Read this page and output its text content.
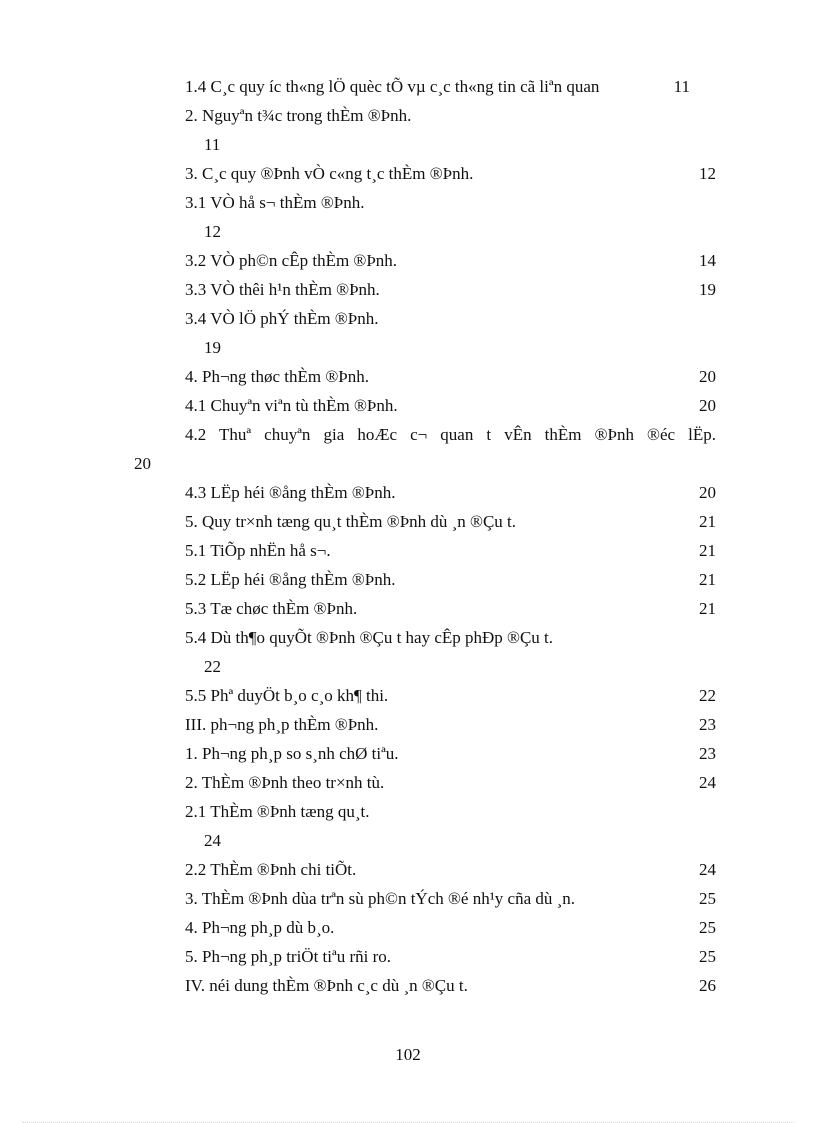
1.4 C¸c quy íc th«ng lÖ quèc tÕ vµ c¸c th«ng tin cã liªn quan	11
2. Nguyªn t¾c trong thÈm ®Þnh.
11
3. C¸c quy ®Þnh vÒ c«ng t¸c thÈm ®Þnh.	12
3.1 VÒ hå s¬ thÈm ®Þnh.
12
3.2 VÒ ph©n cÊp thÈm ®Þnh.	14
3.3 VÒ thêi h¹n thÈm ®Þnh.	19
3.4 VÒ lÖ phÝ thÈm ®Þnh.
19
4. Ph¬ng thøc thÈm ®Þnh.	20
4.1 Chuyªn viªn tù thÈm ®Þnh.	20
4.2 Thuª chuyªn gia hoÆc c¬ quan t vÊn thÈm ®Þnh ®éc lËp.
20
4.3 LËp héi ®ång thÈm ®Þnh.	20
5. Quy tr×nh tæng qu¸t thÈm ®Þnh dù ¸n ®Çu t.	21
5.1 TiÕp nhËn hå s¬.	21
5.2 LËp héi ®ång thÈm ®Þnh.	21
5.3 Tæ chøc thÈm ®Þnh.	21
5.4 Dù th¶o quyÕt ®Þnh ®Çu t hay cÊp phÐp ®Çu t.
22
5.5 Phª duyÖt b¸o c¸o kh¶ thi.	22
III. ph¬ng ph¸p thÈm ®Þnh.	23
1. Ph¬ng ph¸p so s¸nh chØ tiªu.	23
2. ThÈm ®Þnh theo tr×nh tù.	24
2.1 ThÈm ®Þnh tæng qu¸t.
24
2.2 ThÈm ®Þnh chi tiÕt.	24
3. ThÈm ®Þnh dùa trªn sù ph©n tÝch ®é nh¹y cña dù ¸n.	25
4. Ph¬ng ph¸p dù b¸o.	25
5. Ph¬ng ph¸p triÖt tiªu rñi ro.	25
IV. néi dung thÈm ®Þnh c¸c dù ¸n ®Çu t.	26
102
